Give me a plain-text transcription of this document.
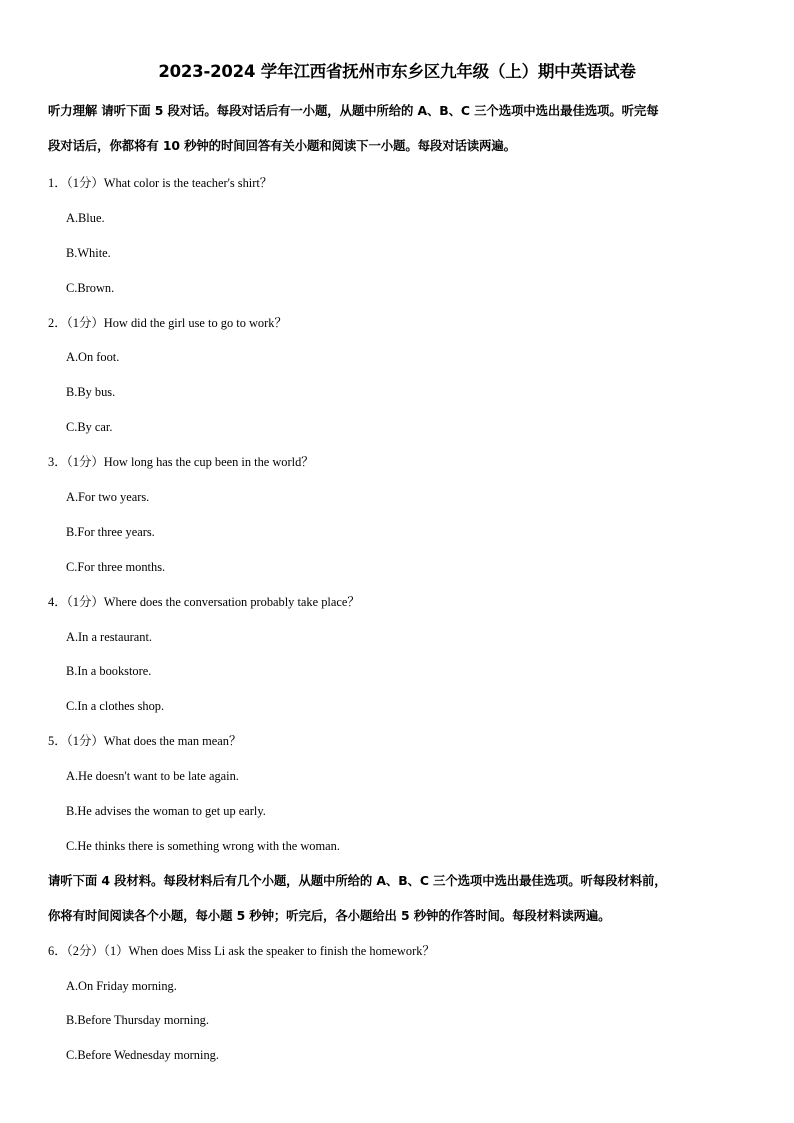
2023-2024 学年江西省抚州市东乡区九年级（上）期中英语试卷
听力理解 请听下面 5 段对话。每段对话后有一小题，从题中所给的 A、B、C 三个选项中选出最佳选项。听完每
段对话后，你都将有 10 秒钟的时间回答有关小题和阅读下一小题。每段对话读两遍。
1．（1分）What color is the teacher's shirt？
A.Blue.
B.White.
C.Brown.
2．（1分）How did the girl use to go to work？
A.On foot.
B.By bus.
C.By car.
3．（1分）How long has the cup been in the world？
A.For two years.
B.For three years.
C.For three months.
4．（1分）Where does the conversation probably take place？
A.In a restaurant.
B.In a bookstore.
C.In a clothes shop.
5．（1分）What does the man mean？
A.He doesn't want to be late again.
B.He advises the woman to get up early.
C.He thinks there is something wrong with the woman.
请听下面 4 段材料。每段材料后有几个小题，从题中所给的 A、B、C 三个选项中选出最佳选项。听每段材料前，
你将有时间阅读各个小题，每小题 5 秒钟；听完后，各小题给出 5 秒钟的作答时间。每段材料读两遍。
6．（2分）（1）When does Miss Li ask the speaker to finish the homework？
A.On Friday morning.
B.Before Thursday morning.
C.Before Wednesday morning.
